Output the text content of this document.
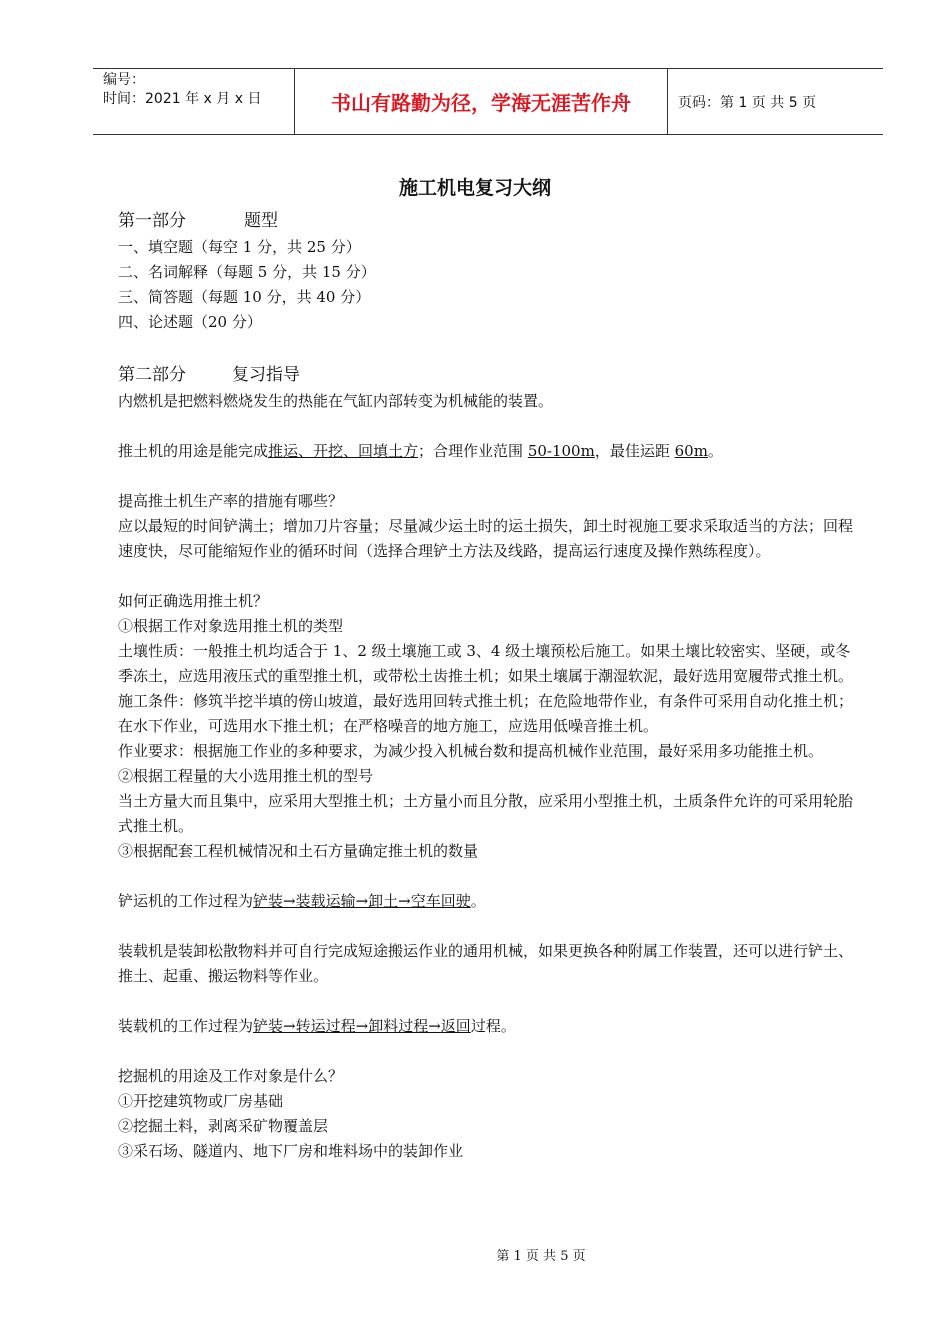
编号：
时间：2021 年 x 月 x 日	书山有路勤为径，学海无涯苦作舟	页码：第 1 页 共 5 页
施工机电复习大纲

第一部分	题型

一、填空题（每空 1 分，共 25 分）

二、名词解释（每题 5 分，共 15 分）

三、简答题（每题 10 分，共 40 分）

四、论述题（20 分）

第二部分	复习指导

内燃机是把燃料燃烧发生的热能在气缸内部转变为机械能的装置。

推土机的用途是能完成推运、开挖、回填土方；合理作业范围 50-100m，最佳运距 60m。

提高推土机生产率的措施有哪些？

应以最短的时间铲满土；增加刀片容量；尽量减少运土时的运土损失，卸土时视施工要求采取适当的方法；回程速度快，尽可能缩短作业的循环时间（选择合理铲土方法及线路，提高运行速度及操作熟练程度）。

如何正确选用推土机？

①根据工作对象选用推土机的类型

土壤性质：一般推土机均适合于 1、2 级土壤施工或 3、4 级土壤预松后施工。如果土壤比较密实、坚硬，或冬季冻土，应选用液压式的重型推土机，或带松土齿推土机；如果土壤属于潮湿软泥，最好选用宽履带式推土机。

施工条件：修筑半挖半填的傍山坡道，最好选用回转式推土机；在危险地带作业，有条件可采用自动化推土机；在水下作业，可选用水下推土机；在严格噪音的地方施工，应选用低噪音推土机。

作业要求：根据施工作业的多种要求，为减少投入机械台数和提高机械作业范围，最好采用多功能推土机。

②根据工程量的大小选用推土机的型号

当土方量大而且集中，应采用大型推土机；土方量小而且分散，应采用小型推土机，土质条件允许的可采用轮胎式推土机。

③根据配套工程机械情况和土石方量确定推土机的数量

铲运机的工作过程为铲装→装载运输→卸土→空车回驶。

装载机是装卸松散物料并可自行完成短途搬运作业的通用机械，如果更换各种附属工作装置，还可以进行铲土、推土、起重、搬运物料等作业。

装载机的工作过程为铲装→转运过程→卸料过程→返回过程。

挖掘机的用途及工作对象是什么？

①开挖建筑物或厂房基础

②挖掘土料，剥离采矿物覆盖层

③采石场、隧道内、地下厂房和堆料场中的装卸作业

第 1 页 共 5 页
